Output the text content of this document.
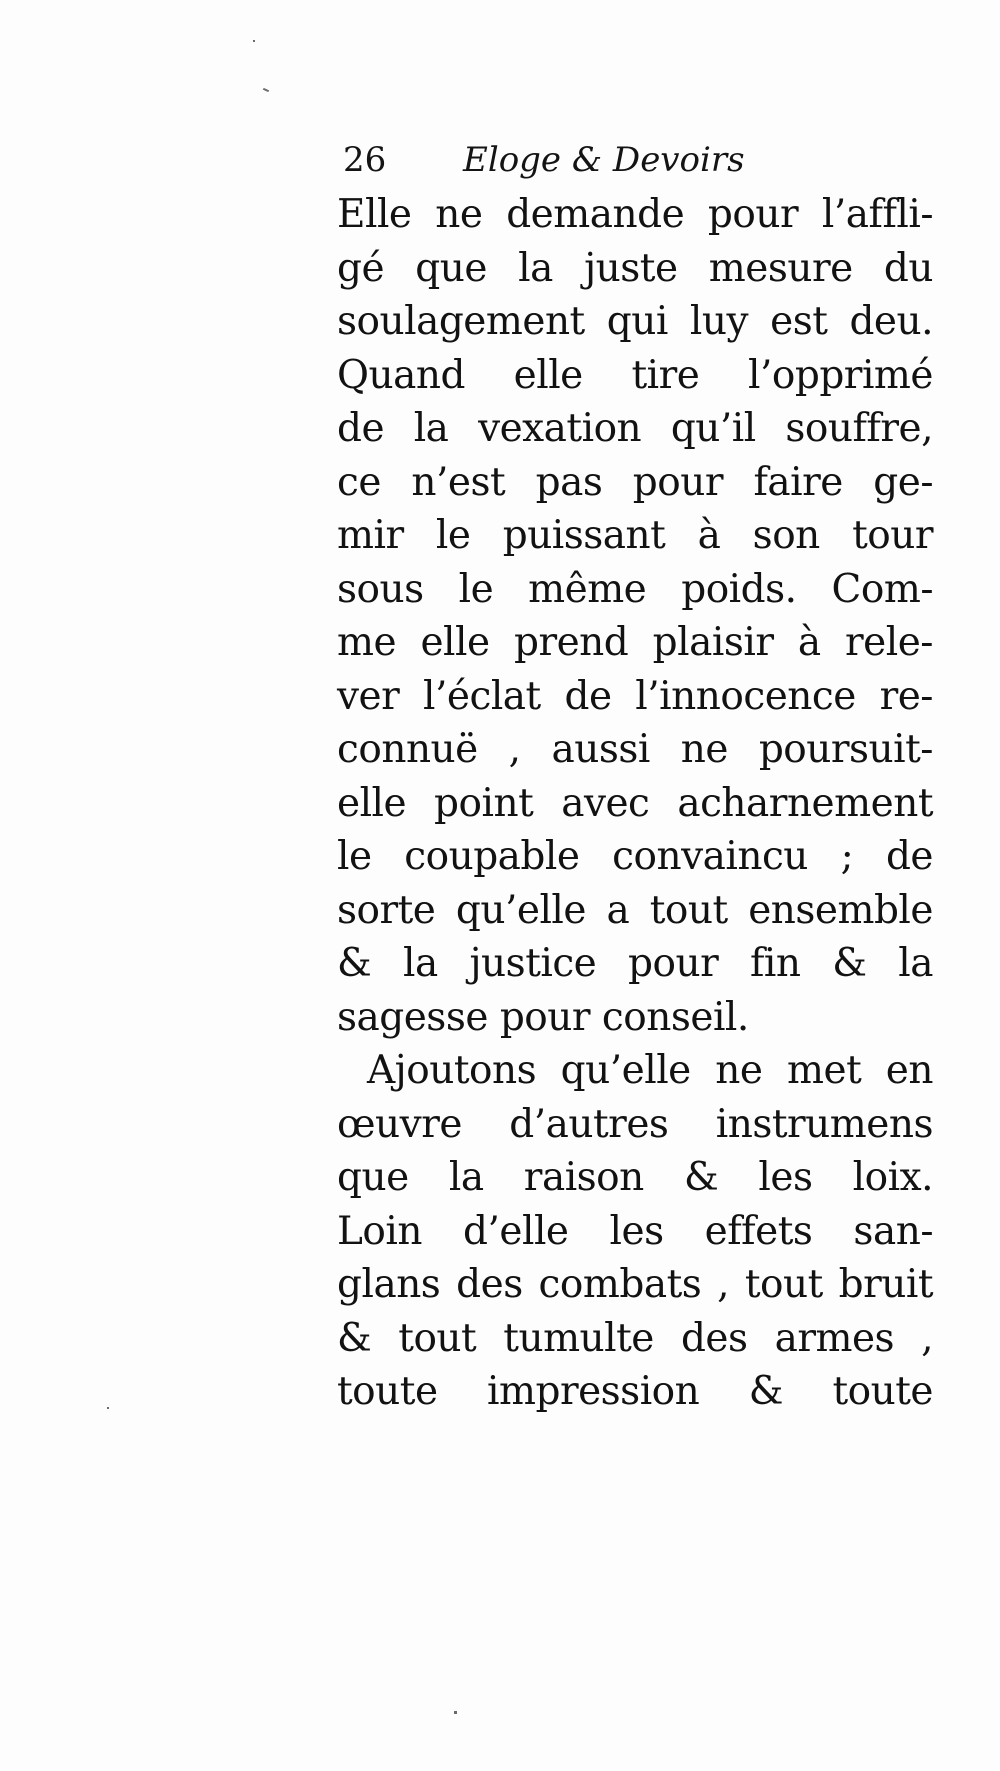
26 Eloge & Devoirs
Elle ne demande pour l’affli-
gé que la juste mesure du
soulagement qui luy est deu.
Quand elle tire l’opprimé
de la vexation qu’il souffre,
ce n’est pas pour faire ge-
mir le puissant à son tour
sous le même poids. Com-
me elle prend plaisir à rele-
ver l’éclat de l’innocence re-
connuë , aussi ne poursuit-
elle point avec acharnement
le coupable convaincu ; de
sorte qu’elle a tout ensemble
& la justice pour fin & la
sagesse pour conseil.
Ajoutons qu’elle ne met en
œuvre d’autres instrumens
que la raison & les loix.
Loin d’elle les effets san-
glans des combats , tout bruit
& tout tumulte des armes ,
toute impression & toute
